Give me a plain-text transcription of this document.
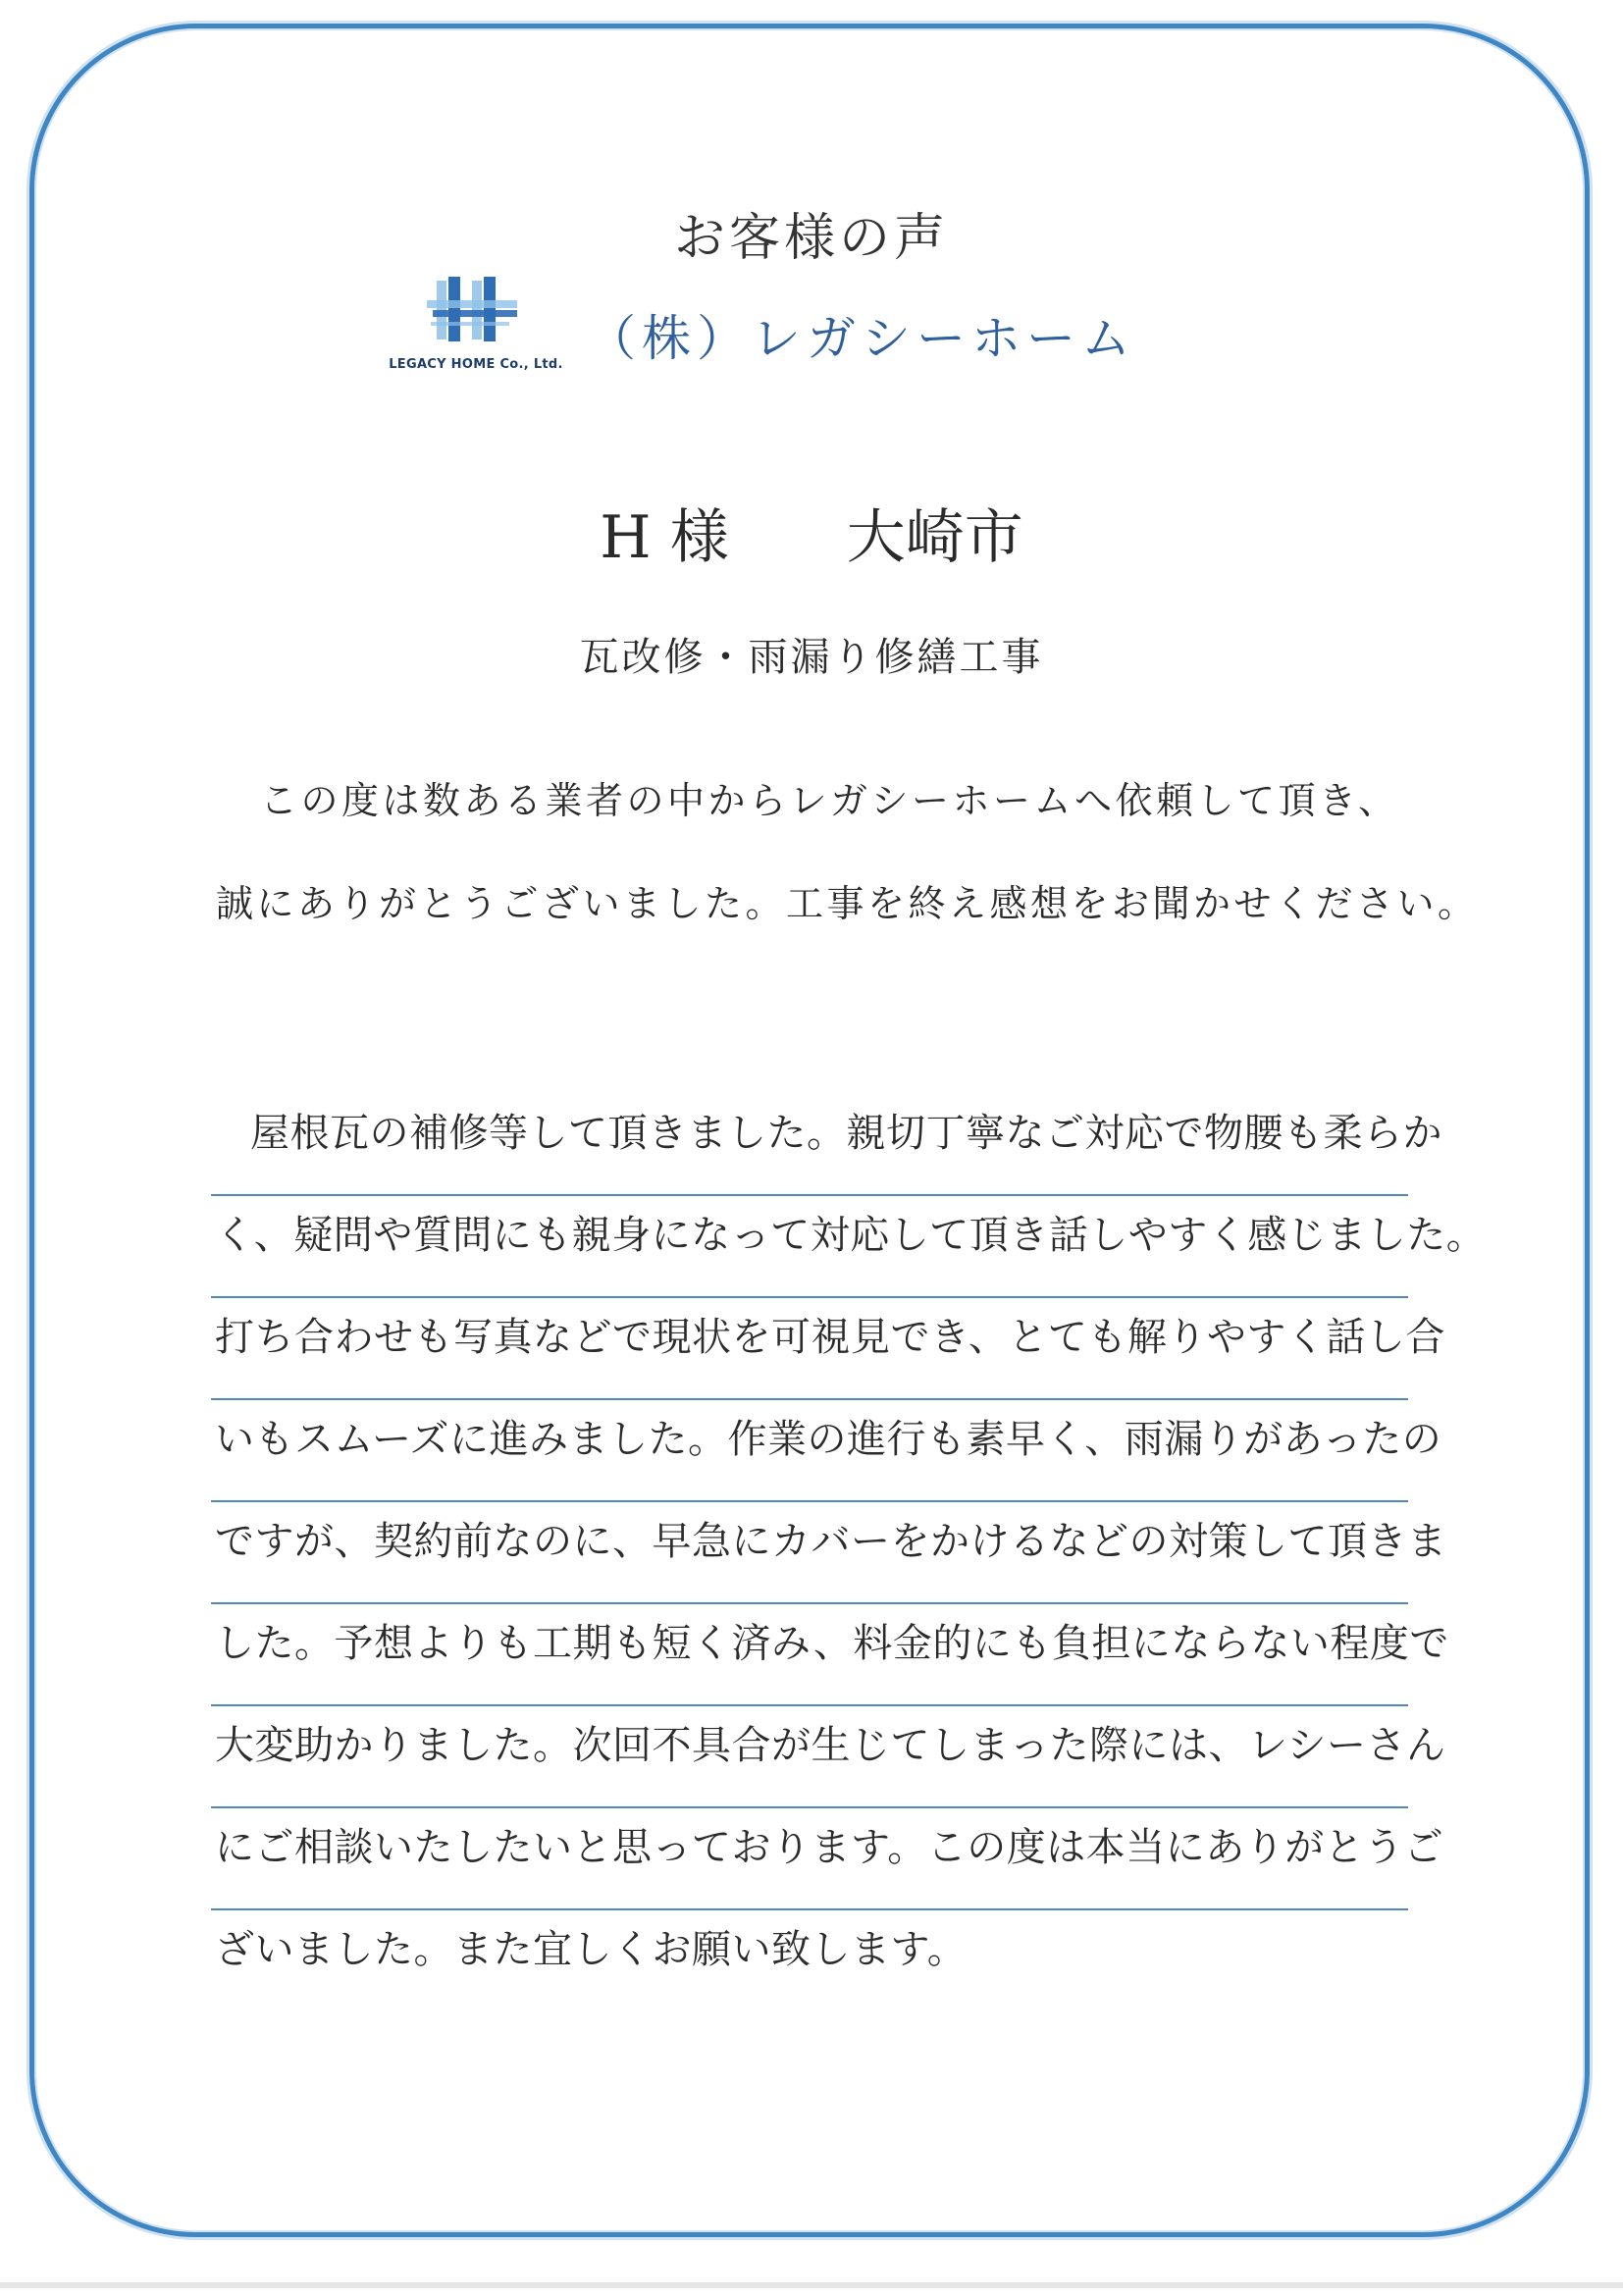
お客様の声
LEGACY HOME Co., Ltd. （株）レガシーホーム
H 様 大崎市
瓦改修・雨漏り修繕工事
この度は数ある業者の中からレガシーホームへ依頼して頂き、
誠にありがとうございました。工事を終え感想をお聞かせください。
屋根瓦の補修等して頂きました。親切丁寧なご対応で物腰も柔らか
く、疑問や質問にも親身になって対応して頂き話しやすく感じました。
打ち合わせも写真などで現状を可視見でき、とても解りやすく話し合
いもスムーズに進みました。作業の進行も素早く、雨漏りがあったの
ですが、契約前なのに、早急にカバーをかけるなどの対策して頂きま
した。予想よりも工期も短く済み、料金的にも負担にならない程度で
大変助かりました。次回不具合が生じてしまった際には、レシーさん
にご相談いたしたいと思っております。この度は本当にありがとうご
ざいました。また宜しくお願い致します。
